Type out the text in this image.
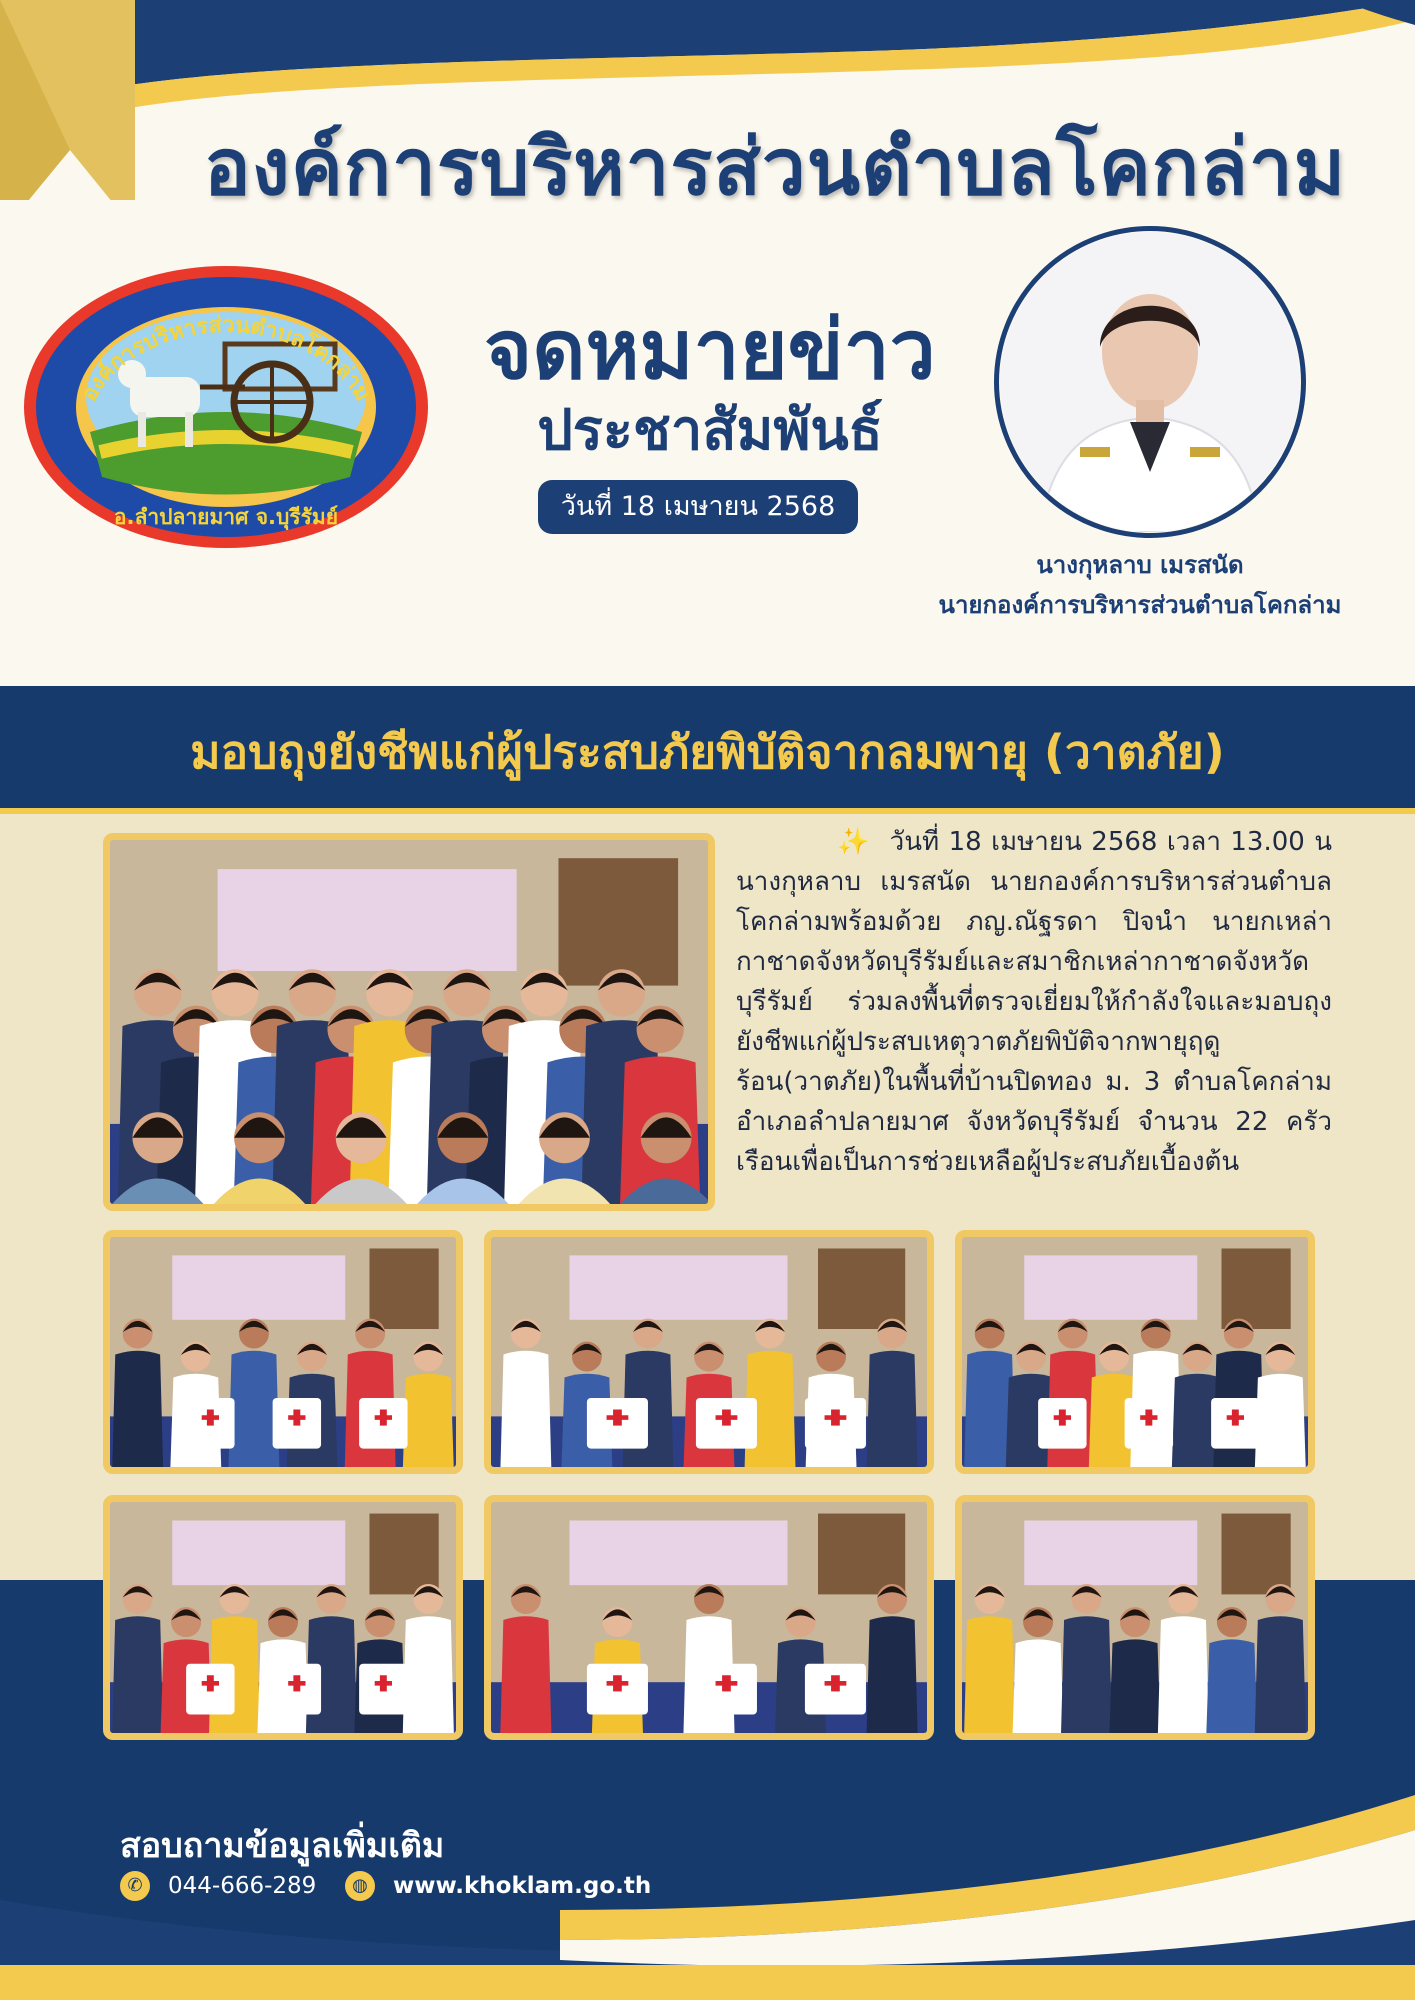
องค์การบริหารส่วนตำบลโคกล่าม
องค์การบริหารส่วนตำบลโคกล่าม
อ.ลำปลายมาศ จ.บุรีรัมย์
จดหมายข่าว
ประชาสัมพันธ์
วันที่ 18 เมษายน 2568
นางกุหลาบ เมรสนัด
นายกองค์การบริหารส่วนตำบลโคกล่าม
มอบถุงยังชีพแก่ผู้ประสบภัยพิบัติจากลมพายุ (วาตภัย)
✨ วันที่ 18 เมษายน 2568 เวลา 13.00 น นางกุหลาบ เมรสนัด นายกองค์การบริหารส่วนตำบลโคกล่ามพร้อมด้วย ภญ.ณัฐรดา ปิจนำ นายกเหล่ากาชาดจังหวัดบุรีรัมย์และสมาชิกเหล่ากาชาดจังหวัดบุรีรัมย์ ร่วมลงพื้นที่ตรวจเยี่ยมให้กำลังใจและมอบถุงยังชีพแก่ผู้ประสบเหตุวาตภัยพิบัติจากพายุฤดูร้อน(วาตภัย)ในพื้นที่บ้านปิดทอง ม. 3 ตำบลโคกล่าม อำเภอลำปลายมาศ จังหวัดบุรีรัมย์ จำนวน 22 ครัวเรือนเพื่อเป็นการช่วยเหลือผู้ประสบภัยเบื้องต้น
สอบถามข้อมูลเพิ่มเติม
✆	044-666-289	◍	www.khoklam.go.th
